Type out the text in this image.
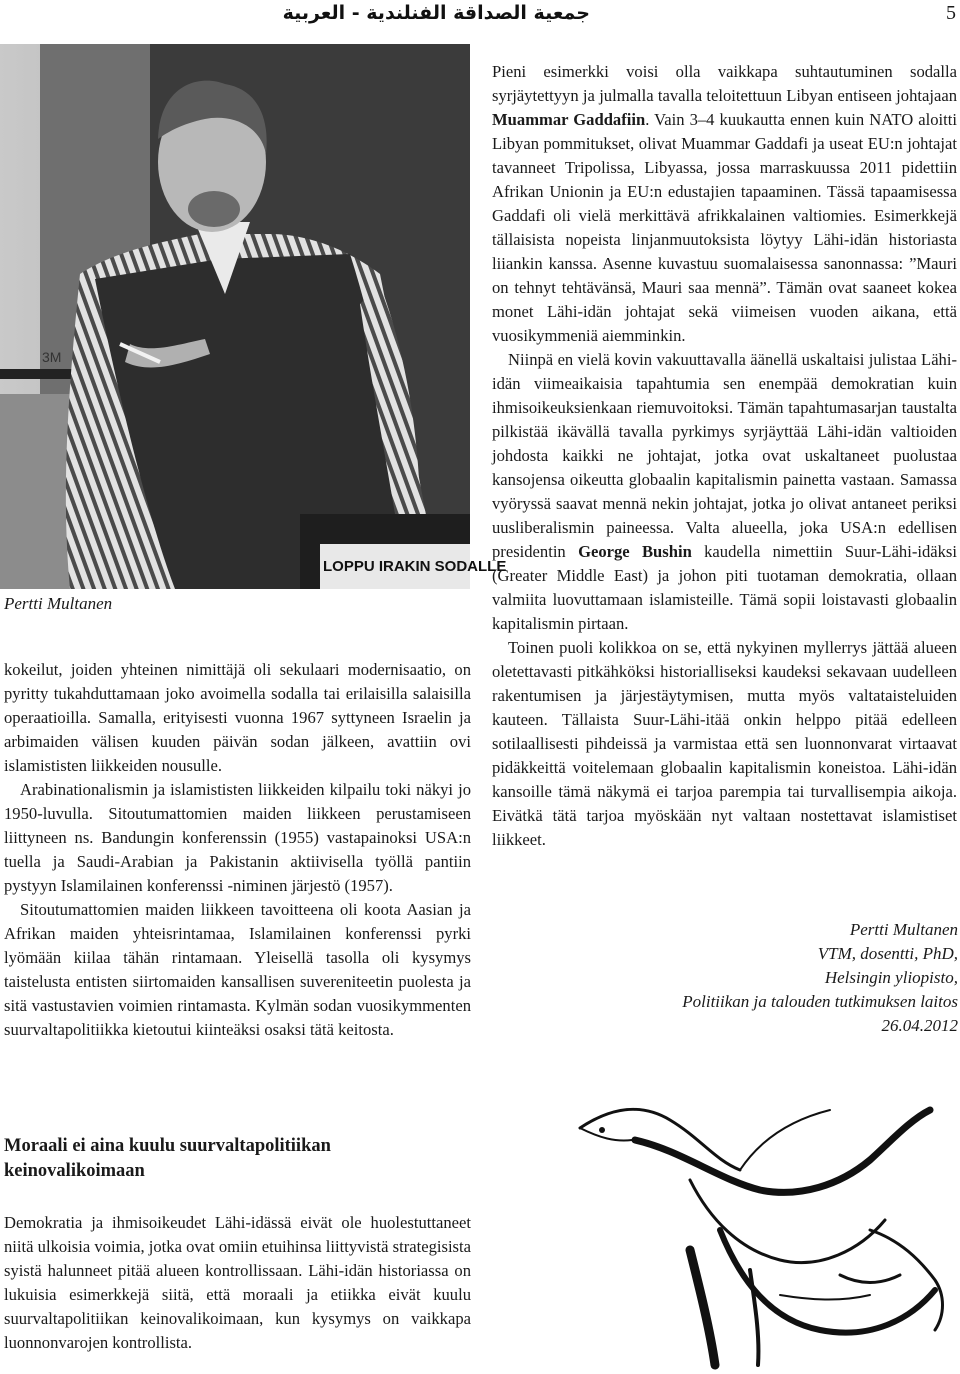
جمعية الصداقة الفنلندية - العربية	5
3M
LOPPU IRAKIN SODALLE
Pertti Multanen

kokeilut, joiden yhteinen nimittäjä oli sekulaari modernisaatio, on pyritty tukahduttamaan joko avoimella sodalla tai erilaisilla salaisilla operaatioilla. Samalla, erityisesti vuonna 1967 syttyneen Israelin ja arbimaiden välisen kuuden päivän sodan jälkeen, avattiin ovi islamististen liikkeiden nousulle.

Arabinationalismin ja islamististen liikkeiden kilpailu toki näkyi jo 1950-luvulla. Sitoutumattomien maiden liikkeen perustamiseen liittyneen ns. Bandungin konferenssin (1955) vastapainoksi USA:n tuella ja Saudi-Arabian ja Pakistanin aktiivisella työllä pantiin pystyyn Islamilainen konferenssi -niminen järjestö (1957).

Sitoutumattomien maiden liikkeen tavoitteena oli koota Aasian ja Afrikan maiden yhteisrintamaa, Islamilainen konferenssi pyrki lyömään kiilaa tähän rintamaan. Yleisellä tasolla oli kysymys taistelusta entisten siirtomaiden kansallisen suvereniteetin puolesta ja sitä vastustavien voimien rintamasta. Kylmän sodan vuosikymmenten suurvaltapolitiikka kietoutui kiinteäksi osaksi tätä keitosta.

Moraali ei aina kuulu suurvaltapolitiikan keinovalikoimaan

Demokratia ja ihmisoikeudet Lähi-idässä eivät ole huolestuttaneet niitä ulkoisia voimia, jotka ovat omiin etuihinsa liittyvistä strategisista syistä halunneet pitää alueen kontrollissaan. Lähi-idän historiassa on lukuisia esimerkkejä siitä, että moraali ja etiikka eivät kuulu suurvaltapolitiikan keinovalikoimaan, kun kysymys on vaikkapa luonnonvarojen kontrollista.

Pieni esimerkki voisi olla vaikkapa suhtautuminen sodalla syrjäytettyyn ja julmalla tavalla teloitettuun Libyan entiseen johtajaan Muammar Gaddafiin. Vain 3–4 kuukautta ennen kuin NATO aloitti Libyan pommitukset, olivat Muammar Gaddafi ja useat EU:n johtajat tavanneet Tripolissa, Libyassa, jossa marraskuussa 2011 pidettiin Afrikan Unionin ja EU:n edustajien tapaaminen. Tässä tapaamisessa Gaddafi oli vielä merkittävä afrikkalainen valtiomies. Esimerkkejä tällaisista nopeista linjanmuutoksista löytyy Lähi-idän historiasta liiankin kanssa. Asenne kuvastuu suomalaisessa sanonnassa: ”Mauri on tehnyt tehtävänsä, Mauri saa mennä”. Tämän ovat saaneet kokea monet Lähi-idän johtajat sekä viimeisen vuoden aikana, että vuosikymmeniä aiemminkin.

Niinpä en vielä kovin vakuuttavalla äänellä uskaltaisi julistaa Lähi-idän viimeaikaisia tapahtumia sen enempää demokratian kuin ihmisoikeuksienkaan riemuvoitoksi. Tämän tapahtumasarjan taustalta pilkistää ikävällä tavalla pyrkimys syrjäyttää Lähi-idän valtioiden johdosta kaikki ne johtajat, jotka ovat uskaltaneet puolustaa kansojensa oikeutta globaalin kapitalismin painetta vastaan. Samassa vyöryssä saavat mennä nekin johtajat, jotka jo olivat antaneet periksi uusliberalismin paineessa. Valta alueella, joka USA:n edellisen presidentin George Bushin kaudella nimettiin Suur-Lähi-idäksi (Greater Middle East) ja johon piti tuotaman demokratia, ollaan valmiita luovuttamaan islamisteille. Tämä sopii loistavasti globaalin kapitalismin pirtaan.

Toinen puoli kolikkoa on se, että nykyinen myllerrys jättää alueen oletettavasti pitkähköksi historialliseksi kaudeksi sekavaan uudelleen rakentumisen ja järjestäytymisen, mutta myös valtataisteluiden kauteen. Tällaista Suur-Lähi-itää onkin helppo pitää edelleen sotilaallisesti pihdeissä ja varmistaa että sen luonnonvarat virtaavat pidäkkeittä voitelemaan globaalin kapitalismin koneistoa. Lähi-idän kansoille tämä näkymä ei tarjoa parempia tai turvallisempia aikoja. Eivätkä tätä tarjoa myöskään nyt valtaan nostettavat islamistiset liikkeet.

Pertti Multanen
VTM, dosentti, PhD,
Helsingin yliopisto,
Politiikan ja talouden tutkimuksen laitos
26.04.2012
